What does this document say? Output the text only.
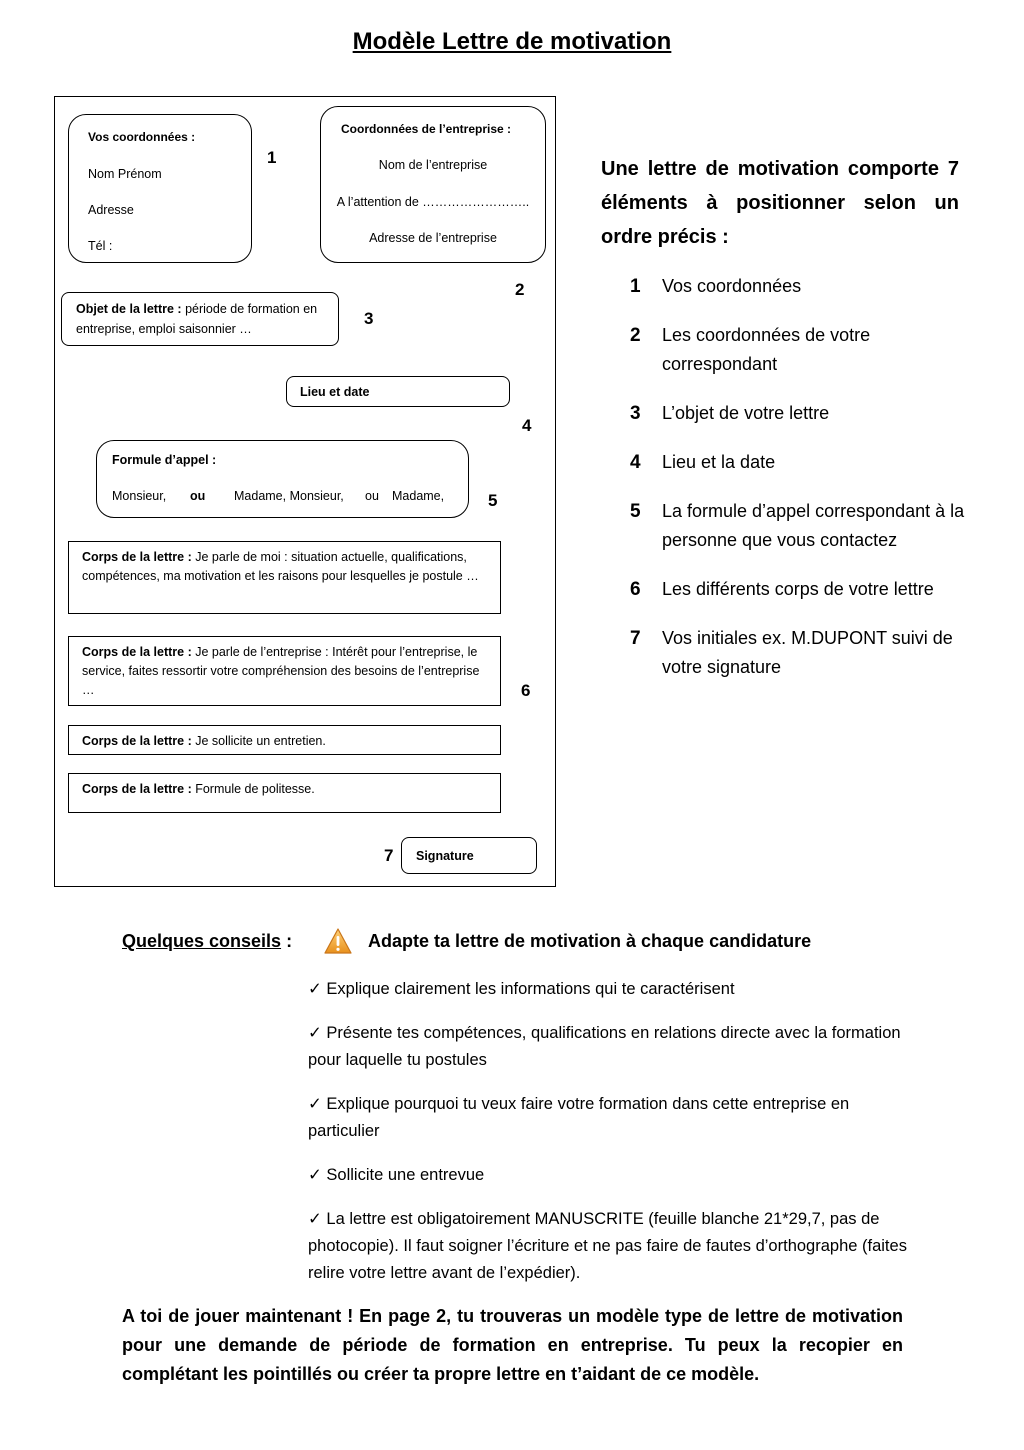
Modèle Lettre de motivation
Vos coordonnées :
Nom Prénom
Adresse
Tél :
Coordonnées de l’entreprise :
Nom de l’entreprise
A l’attention de ……………………..
Adresse de l’entreprise
1
2
Objet de la lettre : période de formation en
entreprise, emploi saisonnier …
3
Lieu et date
4
Formule d’appel :
Monsieur, ou Madame, Monsieur, ou Madame,	5
Corps de la lettre : Je parle de moi : situation actuelle, qualifications,
compétences, ma motivation et les raisons pour lesquelles je postule …
Corps de la lettre : Je parle de l’entreprise : Intérêt pour l’entreprise, le
service, faites ressortir votre compréhension des besoins de l’entreprise
…	6
Corps de la lettre : Je sollicite un entretien.
Corps de la lettre : Formule de politesse.
7 Signature
Une lettre de motivation comporte 7 éléments à positionner selon un ordre précis :
1 Vos coordonnées
2 Les coordonnées de votre correspondant
3 L’objet de votre lettre
4 Lieu et la date
5 La formule d’appel correspondant à la personne que vous contactez
6 Les différents corps de votre lettre
7 Vos initiales ex. M.DUPONT suivi de votre signature
Quelques conseils :	Adapte ta lettre de motivation à chaque candidature
✓ Explique clairement les informations qui te caractérisent
✓ Présente tes compétences, qualifications en relations directe avec la formation pour laquelle tu postules
✓ Explique pourquoi tu veux faire votre formation dans cette entreprise en particulier
✓ Sollicite une entrevue
✓ La lettre est obligatoirement MANUSCRITE (feuille blanche 21*29,7, pas de photocopie). Il faut soigner l’écriture et ne pas faire de fautes d’orthographe (faites relire votre lettre avant de l’expédier).
A toi de jouer maintenant ! En page 2, tu trouveras un modèle type de lettre de motivation pour une demande de période de formation en entreprise. Tu peux la recopier en complétant les pointillés ou créer ta propre lettre en t’aidant de ce modèle.
